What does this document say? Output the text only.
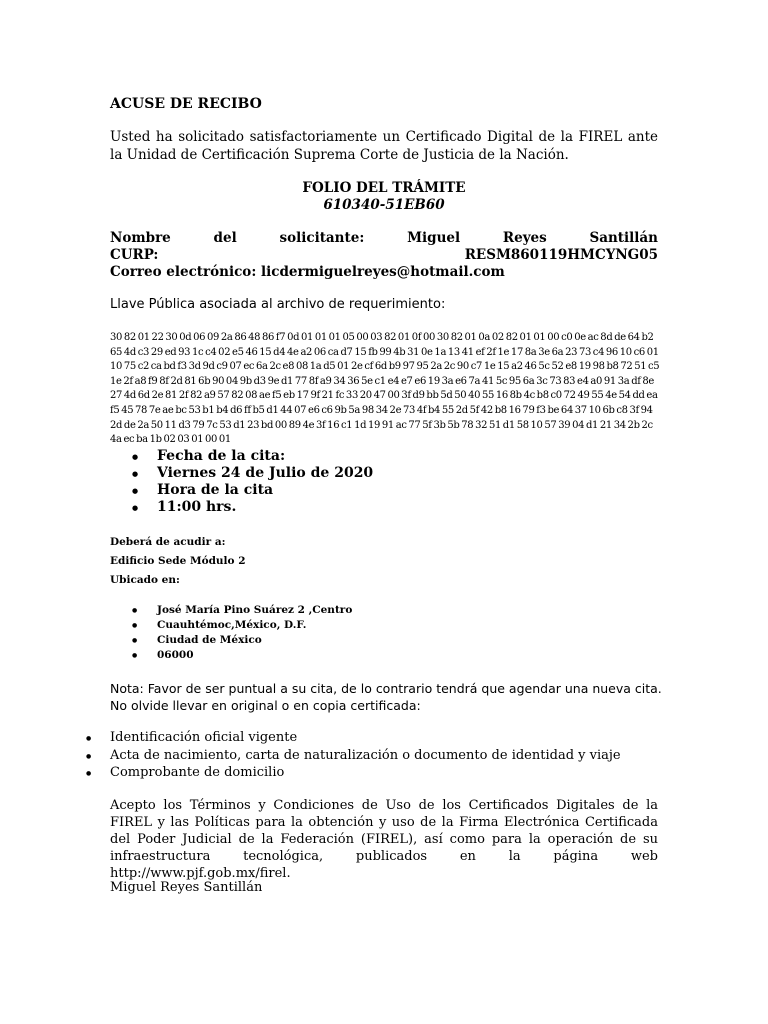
ACUSE DE RECIBO
Usted ha solicitado satisfactoriamente un Certificado Digital de la FIREL ante la Unidad de Certificación Suprema Corte de Justicia de la Nación.
FOLIO DEL TRÁMITE
610340-51EB60
Nombre	del	solicitante:	Miguel	Reyes	Santillán
CURP:	RESM860119HMCYNG05
Correo electrónico:
licdermiguelreyes@hotmail.com
Llave Pública asociada al archivo de requerimiento:
30 82 01 22 30 0d 06 09 2a 86 48 86 f7 0d 01 01 01 05 00 03 82 01 0f 00 30 82 01 0a 02 82 01 01 00 c0 0e ac 8d de 64 b2 65 4d c3 29 ed 93 1c c4 02 e5 46 15 d4 4e a2 06 ca d7 15 fb 99 4b 31 0e 1a 13 41 ef 2f 1e 17 8a 3e 6a 23 73 c4 96 10 c6 01 10 75 c2 ca bd f3 3d 9d c9 07 ec 6a 2c e8 08 1a d5 01 2e cf 6d b9 97 95 2a 2c 90 c7 1e 15 a2 46 5c 52 e8 19 98 b8 72 51 c5 1e 2f a8 f9 8f 2d 81 6b 90 04 9b d3 9e d1 77 8f a9 34 36 5e c1 e4 e7 e6 19 3a e6 7a 41 5c 95 6a 3c 73 83 e4 a0 91 3a df 8e 27 4d 6d 2e 81 2f 82 a9 57 82 08 ae f5 eb 17 9f 21 fc 33 20 47 00 3f d9 bb 5d 50 40 55 16 8b 4c b8 c0 72 49 55 4e 54 dd ea f5 45 78 7e ae bc 53 b1 b4 d6 ff b5 d1 44 07 e6 c6 9b 5a 98 34 2e 73 4f b4 55 2d 5f 42 b8 16 79 f3 be 64 37 10 6b c8 3f 94 2d de 2a 50 11 d3 79 7c 53 d1 23 bd 00 89 4e 3f 16 c1 1d 19 91 ac 77 5f 3b 5b 78 32 51 d1 58 10 57 39 04 d1 21 34 2b 2c 4a ec ba 1b 02 03 01 00 01
● Fecha de la cita:
● Viernes 24 de Julio de 2020
● Hora de la cita
● 11:00 hrs.
Deberá de acudir a:
Edificio Sede Módulo 2
Ubicado en:
● José María Pino Suárez 2 ,Centro
● Cuauhtémoc,México, D.F.
● Ciudad de México
● 06000
Nota: Favor de ser puntual a su cita, de lo contrario tendrá que agendar una nueva cita.
No olvide llevar en original o en copia certificada:
● Identificación oficial vigente
● Acta de nacimiento, carta de naturalización o documento de identidad y viaje
● Comprobante de domicilio
Acepto los Términos y Condiciones de Uso de los Certificados Digitales de la FIREL y las Políticas para la obtención y uso de la Firma Electrónica Certificada del Poder Judicial de la Federación (FIREL), así como para la operación de su infraestructura tecnológica, publicados en la página web http://www.pjf.gob.mx/firel.
Miguel Reyes Santillán
